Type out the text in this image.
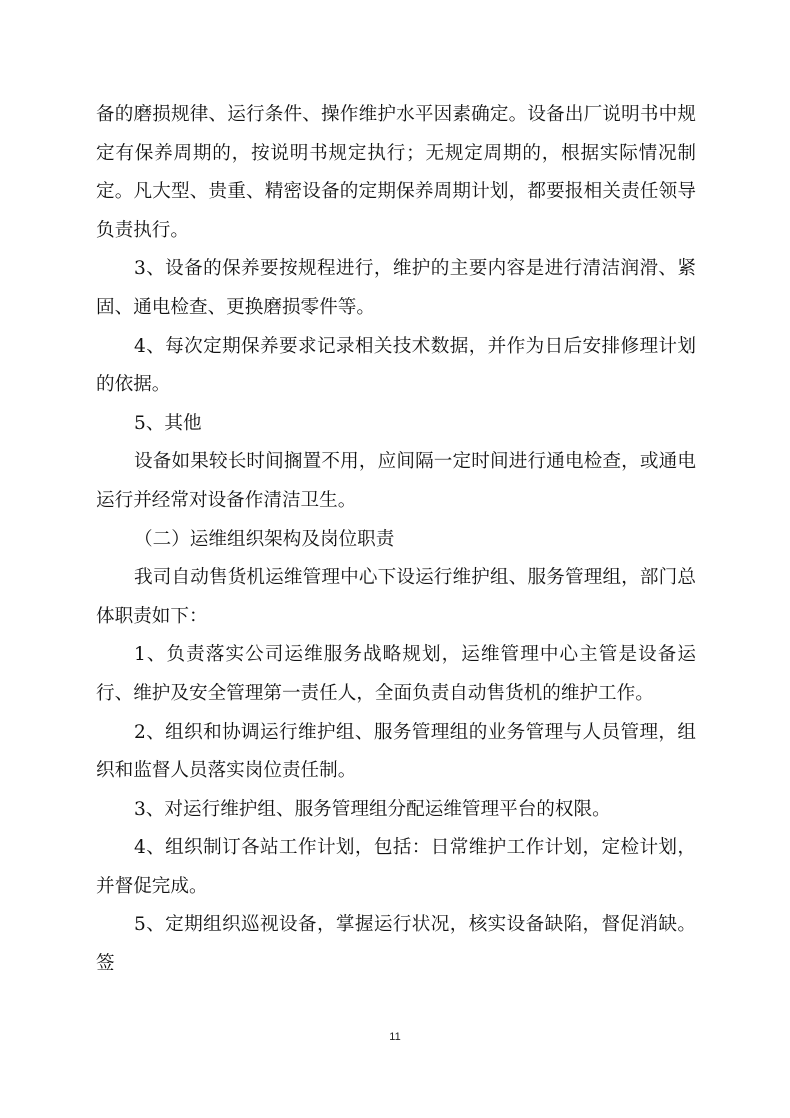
备的磨损规律、运行条件、操作维护水平因素确定。设备出厂说明书中规定有保养周期的，按说明书规定执行；无规定周期的，根据实际情况制定。凡大型、贵重、精密设备的定期保养周期计划，都要报相关责任领导负责执行。

3、设备的保养要按规程进行，维护的主要内容是进行清洁润滑、紧固、通电检查、更换磨损零件等。

4、每次定期保养要求记录相关技术数据，并作为日后安排修理计划的依据。

5、其他

设备如果较长时间搁置不用，应间隔一定时间进行通电检查，或通电运行并经常对设备作清洁卫生。

（二）运维组织架构及岗位职责

我司自动售货机运维管理中心下设运行维护组、服务管理组，部门总体职责如下：

1、负责落实公司运维服务战略规划，运维管理中心主管是设备运行、维护及安全管理第一责任人，全面负责自动售货机的维护工作。

2、组织和协调运行维护组、服务管理组的业务管理与人员管理，组织和监督人员落实岗位责任制。

3、对运行维护组、服务管理组分配运维管理平台的权限。

4、组织制订各站工作计划，包括：日常维护工作计划，定检计划，并督促完成。

5、定期组织巡视设备，掌握运行状况，核实设备缺陷，督促消缺。签

11
